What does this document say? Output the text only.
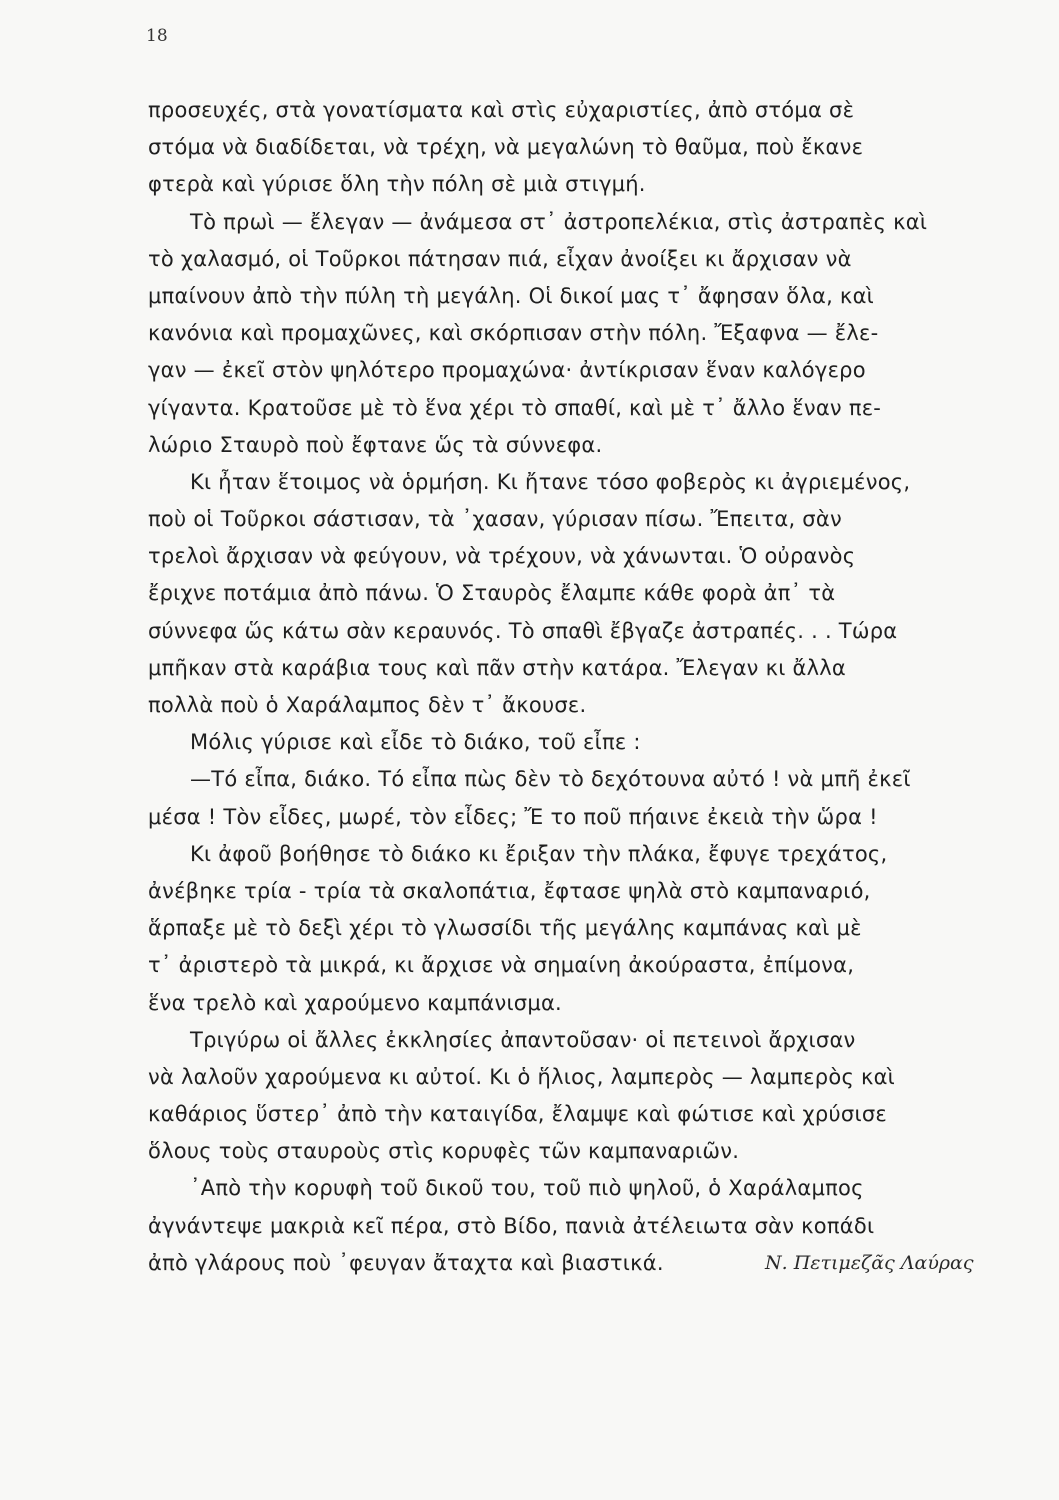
18
προσευχές, στὰ γονατίσματα καὶ στὶς εὐχαριστίες, ἀπὸ στόμα σὲ
στόμα νὰ διαδίδεται, νὰ τρέχη, νὰ μεγαλώνη τὸ θαῦμα, ποὺ ἔκανε
φτερὰ καὶ γύρισε ὅλη τὴν πόλη σὲ μιὰ στιγμή.
Τὸ πρωὶ — ἔλεγαν — ἀνάμεσα στ᾿ ἀστροπελέκια, στὶς ἀστραπὲς καὶ
τὸ χαλασμό, οἱ Τοῦρκοι πάτησαν πιά, εἶχαν ἀνοίξει κι ἄρχισαν νὰ
μπαίνουν ἀπὸ τὴν πύλη τὴ μεγάλη. Οἱ δικοί μας τ᾿ ἄφησαν ὅλα, καὶ
κανόνια καὶ προμαχῶνες, καὶ σκόρπισαν στὴν πόλη. Ἔξαφνα — ἔλε-
γαν — ἐκεῖ στὸν ψηλότερο προμαχώνα· ἀντίκρισαν ἕναν καλόγερο
γίγαντα. Κρατοῦσε μὲ τὸ ἕνα χέρι τὸ σπαθί, καὶ μὲ τ᾿ ἄλλο ἕναν πε-
λώριο Σταυρὸ ποὺ ἔφτανε ὥς τὰ σύννεφα.
Κι ἦταν ἕτοιμος νὰ ὁρμήση. Κι ἤτανε τόσο φοβερὸς κι ἀγριεμένος,
ποὺ οἱ Τοῦρκοι σάστισαν, τὰ ᾿χασαν, γύρισαν πίσω. Ἔπειτα, σὰν
τρελοὶ ἄρχισαν νὰ φεύγουν, νὰ τρέχουν, νὰ χάνωνται. Ὁ οὐρανὸς
ἔριχνε ποτάμια ἀπὸ πάνω. Ὁ Σταυρὸς ἔλαμπε κάθε φορὰ ἀπ᾿ τὰ
σύννεφα ὥς κάτω σὰν κεραυνός. Τὸ σπαθὶ ἔβγαζε ἀστραπές. . . Τώρα
μπῆκαν στὰ καράβια τους καὶ πᾶν στὴν κατάρα. Ἔλεγαν κι ἄλλα
πολλὰ ποὺ ὁ Χαράλαμπος δὲν τ᾿ ἄκουσε.
Μόλις γύρισε καὶ εἶδε τὸ διάκο, τοῦ εἶπε :
—Τό εἶπα, διάκο. Τό εἶπα πὼς δὲν τὸ δεχότουνα αὐτό ! νὰ μπῆ ἐκεῖ
μέσα ! Τὸν εἶδες, μωρέ, τὸν εἶδες; Ἔ το ποῦ πήαινε ἐκειὰ τὴν ὥρα !
Κι ἀφοῦ βοήθησε τὸ διάκο κι ἔριξαν τὴν πλάκα, ἔφυγε τρεχάτος,
ἀνέβηκε τρία - τρία τὰ σκαλοπάτια, ἔφτασε ψηλὰ στὸ καμπαναριό,
ἅρπαξε μὲ τὸ δεξὶ χέρι τὸ γλωσσίδι τῆς μεγάλης καμπάνας καὶ μὲ
τ᾿ ἀριστερὸ τὰ μικρά, κι ἄρχισε νὰ σημαίνη ἀκούραστα, ἐπίμονα,
ἕνα τρελὸ καὶ χαρούμενο καμπάνισμα.
Τριγύρω οἱ ἄλλες ἐκκλησίες ἀπαντοῦσαν· οἱ πετεινοὶ ἄρχισαν
νὰ λαλοῦν χαρούμενα κι αὐτοί. Κι ὁ ἥλιος, λαμπερὸς — λαμπερὸς καὶ
καθάριος ὕστερ᾿ ἀπὸ τὴν καταιγίδα, ἔλαμψε καὶ φώτισε καὶ χρύσισε
ὅλους τοὺς σταυροὺς στὶς κορυφὲς τῶν καμπαναριῶν.
᾿Απὸ τὴν κορυφὴ τοῦ δικοῦ του, τοῦ πιὸ ψηλοῦ, ὁ Χαράλαμπος
ἀγνάντεψε μακριὰ κεῖ πέρα, στὸ Βίδο, πανιὰ ἀτέλειωτα σὰν κοπάδι
ἀπὸ γλάρους ποὺ ᾿φευγαν ἄταχτα καὶ βιαστικά.	Ν. Πετιμεζᾶς Λαύρας
